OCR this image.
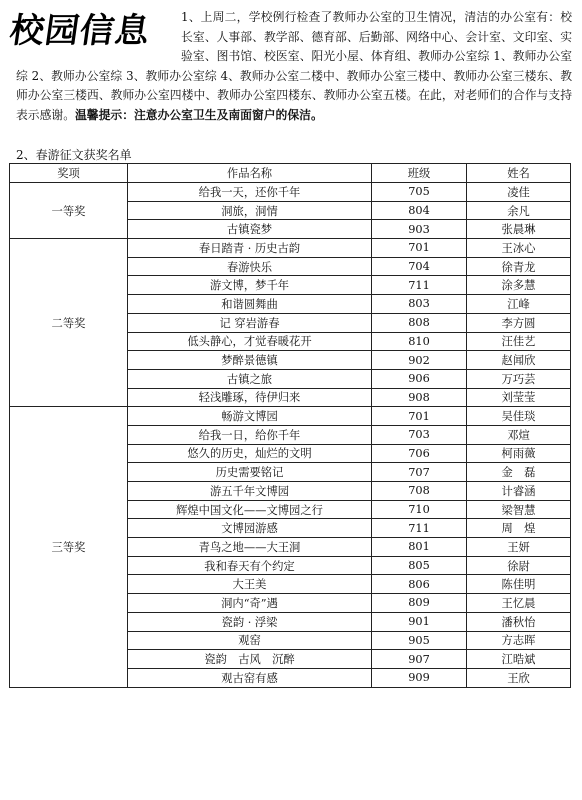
校园信息	1、上周二，学校例行检查了教师办公室的卫生情况，清洁的办公室有：校长室、人事部、教学部、德育部、后勤部、网络中心、会计室、文印室、实验室、图书馆、校医室、阳光小屋、体育组、教师办公室综 1、教师办公室综 2、教师办公室综 3、教师办公室综 4、教师办公室二楼中、教师办公室三楼中、教师办公室三楼东、教师办公室三楼西、教师办公室四楼中、教师办公室四楼东、教师办公室五楼。在此，对老师们的合作与支持表示感谢。温馨提示：注意办公室卫生及南面窗户的保洁。
2、春游征文获奖名单
奖项	作品名称	班级	姓名
一等奖	给我一天，还你千年	705	凌佳
	洞旅，洞情	804	余凡
	古镇瓷梦	903	张晨琳
二等奖	春日踏青 · 历史古韵	701	王冰心
	春游快乐	704	徐青龙
	游文博，梦千年	711	涂多慧
	和谐圆舞曲	803	江峰
	记 穿岩游春	808	李方圆
	低头静心，才觉春暖花开	810	汪佳艺
	梦醉景德镇	902	赵闻欣
	古镇之旅	906	万巧芸
	轻浅雕琢，待伊归来	908	刘莹莹
三等奖	畅游文博园	701	吴佳琰
	给我一日，给你千年	703	邓煊
	悠久的历史，灿烂的文明	706	柯雨薇
	历史需要铭记	707	金　磊
	游五千年文博园	708	计睿涵
	辉煌中国文化——文博园之行	710	梁智慧
	文博园游感	711	周　煌
	青鸟之地——大王洞	801	王妍
	我和春天有个约定	805	徐尉
	大王美	806	陈佳明
	洞内“奇”遇	809	王忆晨
	瓷韵 · 浮梁	901	潘秋怡
	观窑	905	方志晖
	瓷韵　古风　沉醉	907	江晧斌
	观古窑有感	909	王欣
